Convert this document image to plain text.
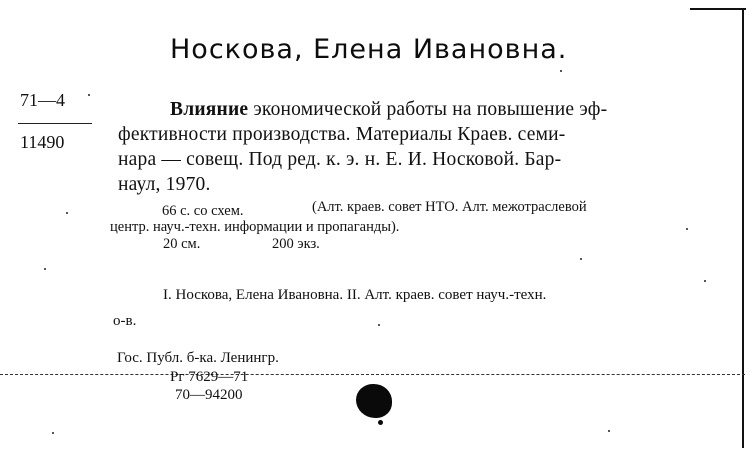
Носкова, Елена Ивановна.
71—4
11490
Влияние экономической работы на повышение эф-
фективности производства. Материалы Краев. семи-
нара — совещ. Под ред. к. э. н. Е. И. Носковой. Бар-
наул, 1970.
66 с. со схем.	(Алт. краев. совет НТО. Алт. межотраслевой
центр. науч.-техн. информации и пропаганды).
20 см.	200 экз.
I. Носкова, Елена Ивановна. II. Алт. краев. совет науч.-техн.
о-в.
Гос. Публ. б-ка. Ленингр.
Рг 7629—71
70—94200
